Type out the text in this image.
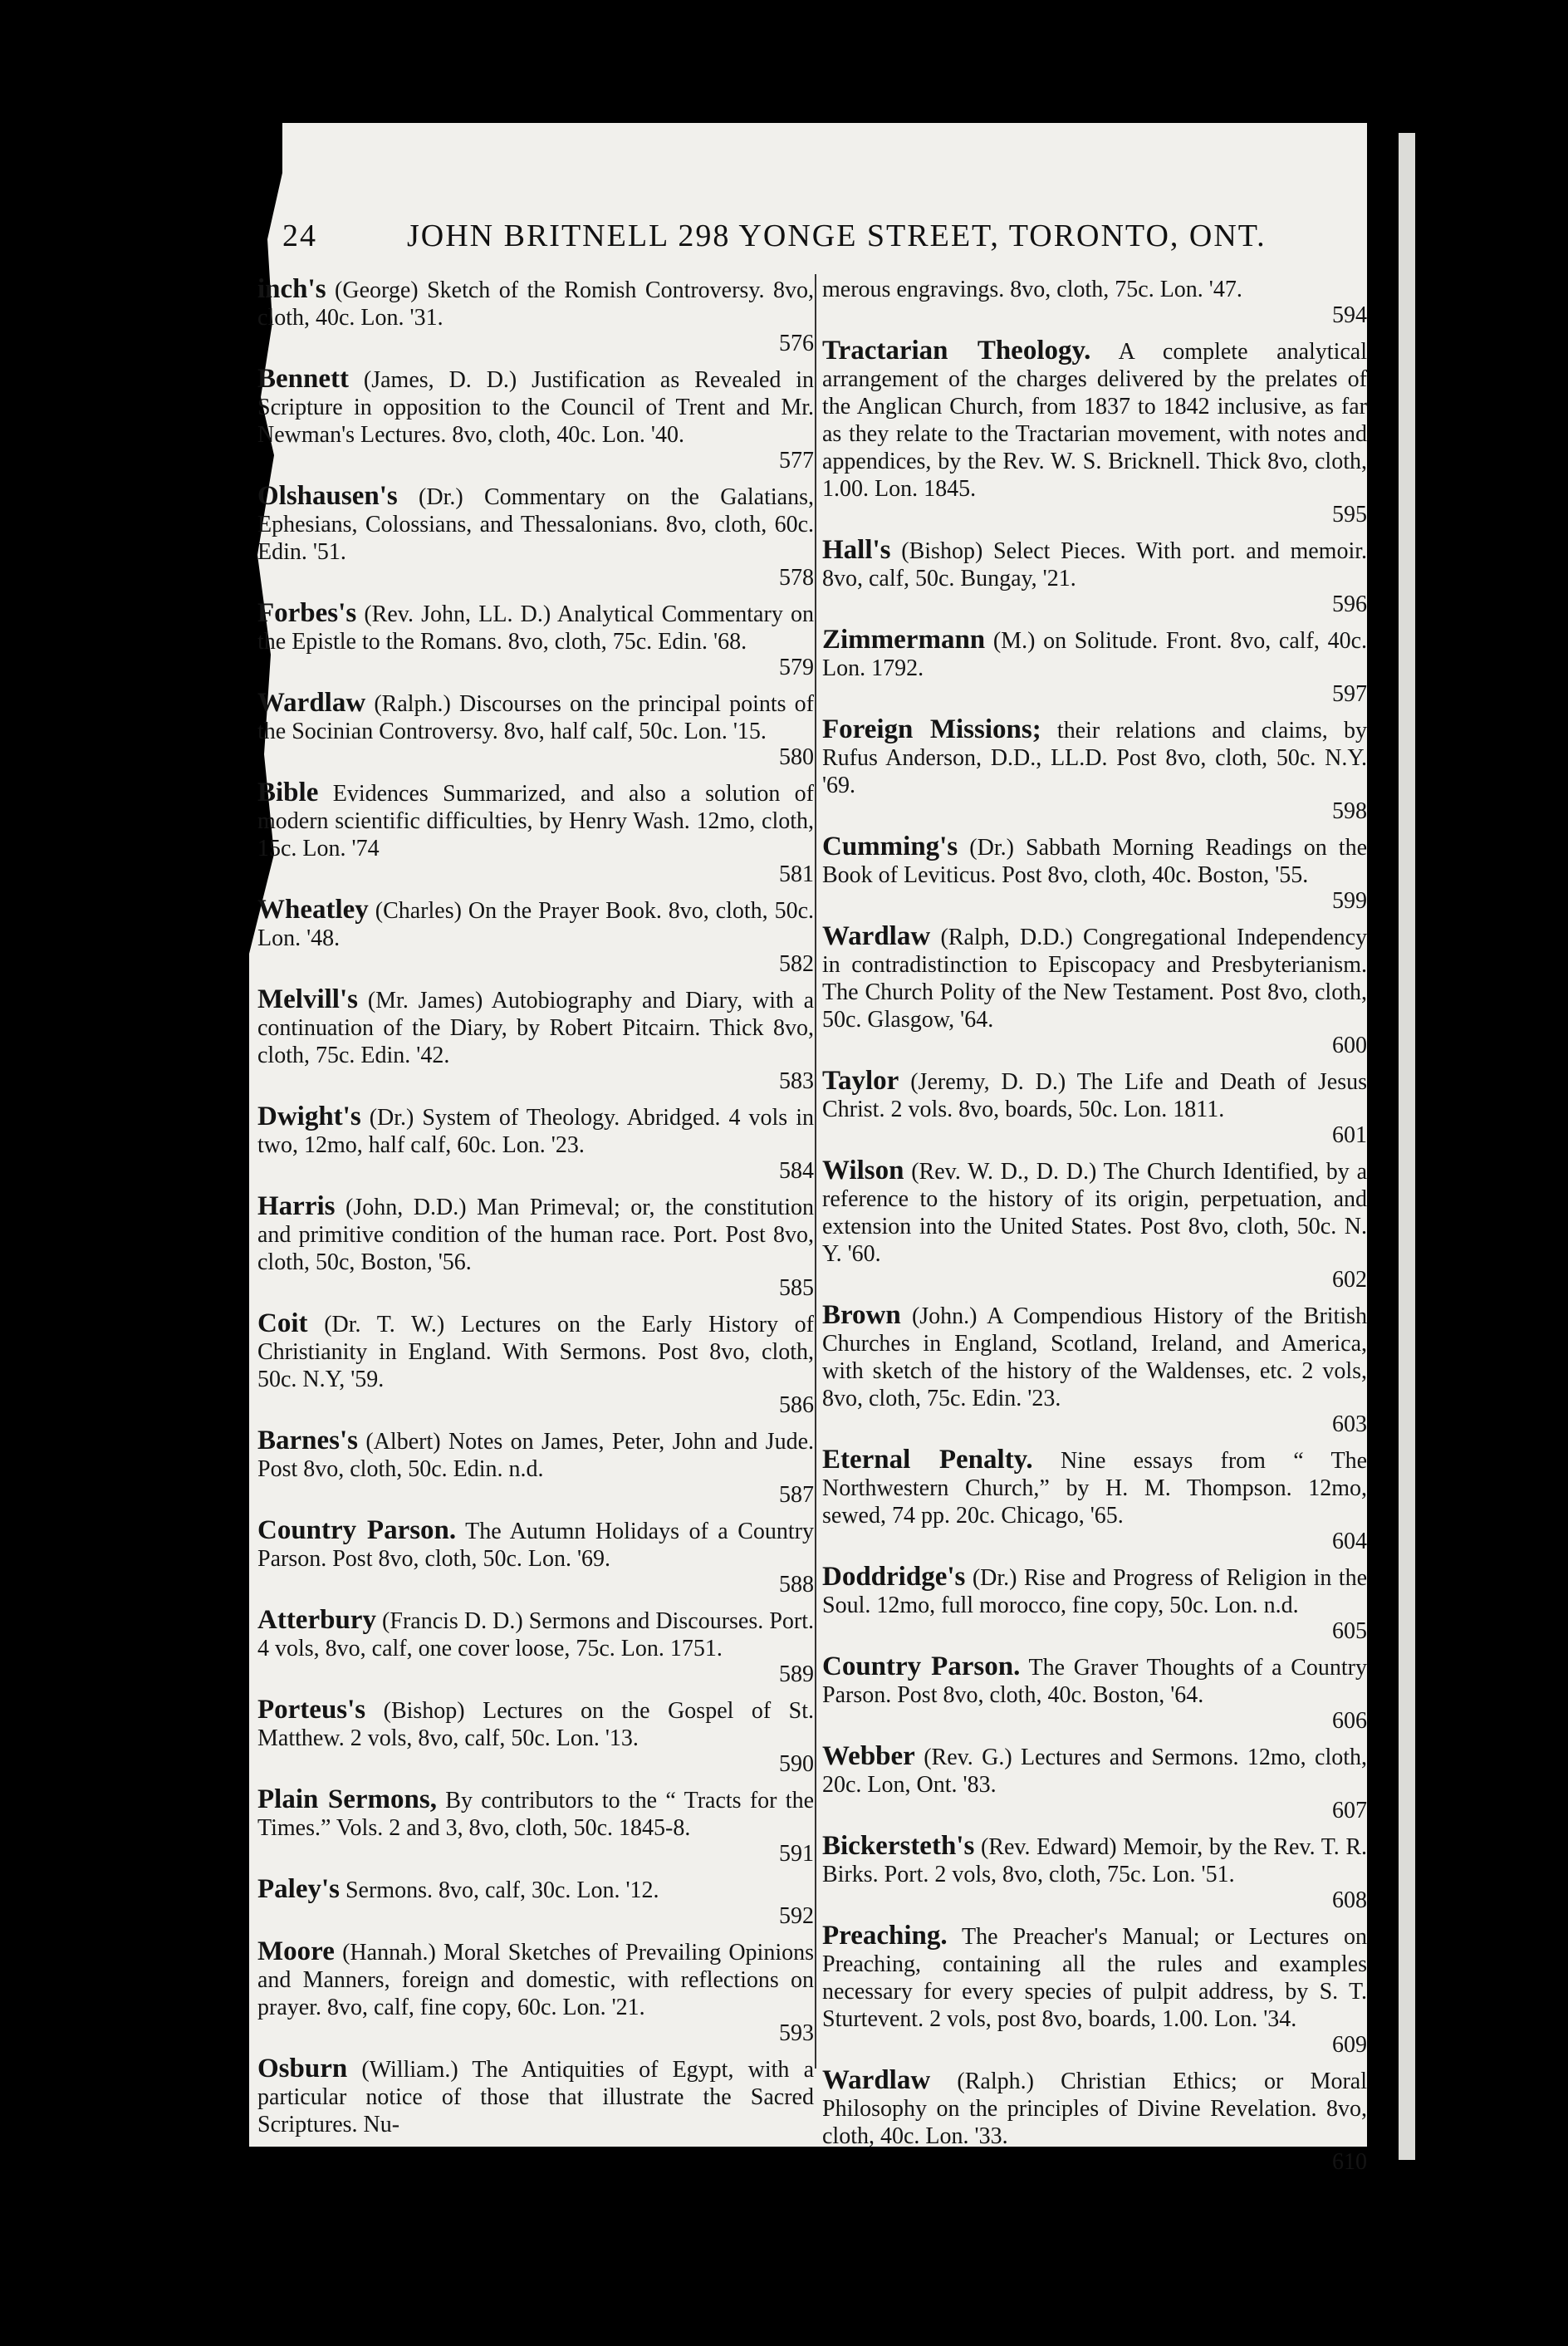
24	JOHN BRITNELL 298 YONGE STREET, TORONTO, ONT.
inch's (George) Sketch of the Romish Controversy. 8vo, cloth, 40c. Lon. '31.
576
Bennett (James, D. D.) Justification as Revealed in Scripture in opposition to the Council of Trent and Mr. Newman's Lectures. 8vo, cloth, 40c. Lon. '40.
577
Olshausen's (Dr.) Commentary on the Galatians, Ephesians, Colossians, and Thessalonians. 8vo, cloth, 60c. Edin. '51.
578
Forbes's (Rev. John, LL. D.) Analytical Commentary on the Epistle to the Romans. 8vo, cloth, 75c. Edin. '68.
579
Wardlaw (Ralph.) Discourses on the principal points of the Socinian Controversy. 8vo, half calf, 50c. Lon. '15.
580
Bible Evidences Summarized, and also a solution of modern scientific difficulties, by Henry Wash. 12mo, cloth, 15c. Lon. '74
581
Wheatley (Charles) On the Prayer Book. 8vo, cloth, 50c. Lon. '48.
582
Melvill's (Mr. James) Autobiography and Diary, with a continuation of the Diary, by Robert Pitcairn. Thick 8vo, cloth, 75c. Edin. '42.
583
Dwight's (Dr.) System of Theology. Abridged. 4 vols in two, 12mo, half calf, 60c. Lon. '23.
584
Harris (John, D.D.) Man Primeval; or, the constitution and primitive condition of the human race. Port. Post 8vo, cloth, 50c, Boston, '56.
585
Coit (Dr. T. W.) Lectures on the Early History of Christianity in England. With Sermons. Post 8vo, cloth, 50c. N.Y, '59.
586
Barnes's (Albert) Notes on James, Peter, John and Jude. Post 8vo, cloth, 50c. Edin. n.d.
587
Country Parson. The Autumn Holidays of a Country Parson. Post 8vo, cloth, 50c. Lon. '69.
588
Atterbury (Francis D. D.) Sermons and Discourses. Port. 4 vols, 8vo, calf, one cover loose, 75c. Lon. 1751.
589
Porteus's (Bishop) Lectures on the Gospel of St. Matthew. 2 vols, 8vo, calf, 50c. Lon. '13.
590
Plain Sermons, By contributors to the “ Tracts for the Times.” Vols. 2 and 3, 8vo, cloth, 50c. 1845-8.
591
Paley's Sermons. 8vo, calf, 30c. Lon. '12.
592
Moore (Hannah.) Moral Sketches of Prevailing Opinions and Manners, foreign and domestic, with reflections on prayer. 8vo, calf, fine copy, 60c. Lon. '21.
593
Osburn (William.) The Antiquities of Egypt, with a particular notice of those that illustrate the Sacred Scriptures. Nu-
merous engravings. 8vo, cloth, 75c. Lon. '47.
594
Tractarian Theology. A complete analytical arrangement of the charges delivered by the prelates of the Anglican Church, from 1837 to 1842 inclusive, as far as they relate to the Tractarian movement, with notes and appendices, by the Rev. W. S. Bricknell. Thick 8vo, cloth, 1.00. Lon. 1845.
595
Hall's (Bishop) Select Pieces. With port. and memoir. 8vo, calf, 50c. Bungay, '21.
596
Zimmermann (M.) on Solitude. Front. 8vo, calf, 40c. Lon. 1792.
597
Foreign Missions; their relations and claims, by Rufus Anderson, D.D., LL.D. Post 8vo, cloth, 50c. N.Y. '69.
598
Cumming's (Dr.) Sabbath Morning Readings on the Book of Leviticus. Post 8vo, cloth, 40c. Boston, '55.
599
Wardlaw (Ralph, D.D.) Congregational Independency in contradistinction to Episcopacy and Presbyterianism. The Church Polity of the New Testament. Post 8vo, cloth, 50c. Glasgow, '64.
600
Taylor (Jeremy, D. D.) The Life and Death of Jesus Christ. 2 vols. 8vo, boards, 50c. Lon. 1811.
601
Wilson (Rev. W. D., D. D.) The Church Identified, by a reference to the history of its origin, perpetuation, and extension into the United States. Post 8vo, cloth, 50c. N. Y. '60.
602
Brown (John.) A Compendious History of the British Churches in England, Scotland, Ireland, and America, with sketch of the history of the Waldenses, etc. 2 vols, 8vo, cloth, 75c. Edin. '23.
603
Eternal Penalty. Nine essays from “ The Northwestern Church,” by H. M. Thompson. 12mo, sewed, 74 pp. 20c. Chicago, '65.
604
Doddridge's (Dr.) Rise and Progress of Religion in the Soul. 12mo, full morocco, fine copy, 50c. Lon. n.d.
605
Country Parson. The Graver Thoughts of a Country Parson. Post 8vo, cloth, 40c. Boston, '64.
606
Webber (Rev. G.) Lectures and Sermons. 12mo, cloth, 20c. Lon, Ont. '83.
607
Bickersteth's (Rev. Edward) Memoir, by the Rev. T. R. Birks. Port. 2 vols, 8vo, cloth, 75c. Lon. '51.
608
Preaching. The Preacher's Manual; or Lectures on Preaching, containing all the rules and examples necessary for every species of pulpit address, by S. T. Sturtevent. 2 vols, post 8vo, boards, 1.00. Lon. '34.
609
Wardlaw (Ralph.) Christian Ethics; or Moral Philosophy on the principles of Divine Revelation. 8vo, cloth, 40c. Lon. '33.
610
